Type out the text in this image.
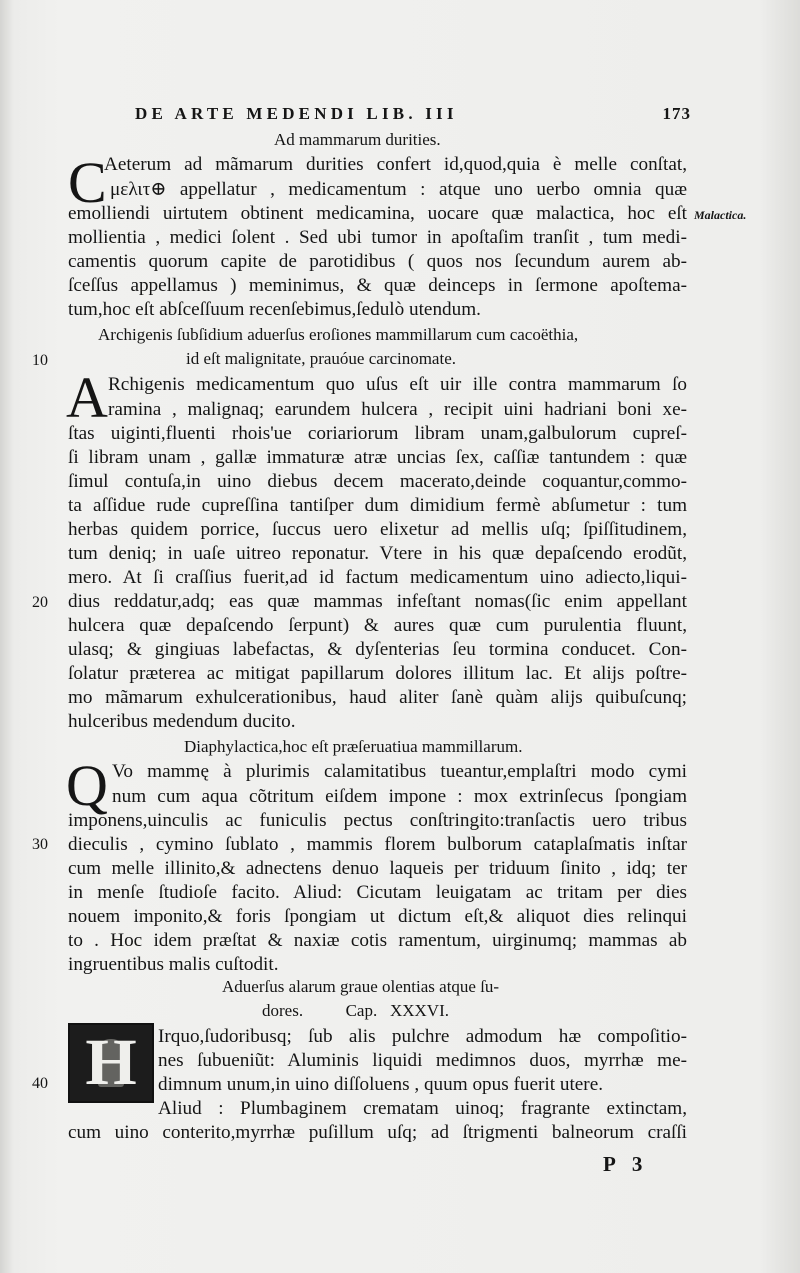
DE ARTE MEDENDI LIB. III	173
Ad mammarum durities.
C
Aeterum ad mãmarum durities confert id,quod,quia è melle conſtat,
μελιτ⊕ appellatur , medicamentum : atque uno uerbo omnia quæ
emolliendi uirtutem obtinent medicamina, uocare quæ malactica, hoc eſt
mollientia , medici ſolent . Sed ubi tumor in apoſtaſim tranſit , tum medi-
camentis quorum capite de parotidibus ( quos nos ſecundum aurem ab-
ſceſſus appellamus ) meminimus, & quæ deinceps in ſermone apoſtema-
tum,hoc eſt abſceſſuum recenſebimus,ſedulò utendum.
Malactica.
Archigenis ſubſidium aduerſus eroſiones mammillarum cum cacoëthia,
id eſt malignitate, prauóue carcinomate.
10
A Rchigenis medicamentum quo uſus eſt uir ille contra mammarum ſo
ramina , malignaq; earundem hulcera , recipit uini hadriani boni xe-
ſtas uiginti,fluenti rhois'ue coriariorum libram unam,galbulorum cupreſ-
ſi libram unam , gallæ immaturæ atræ uncias ſex, caſſiæ tantundem : quæ
ſimul contuſa,in uino diebus decem macerato,deinde coquantur,commo-
ta aſſidue rude cupreſſina tantiſper dum dimidium fermè abſumetur : tum
herbas quidem porrice, ſuccus uero elixetur ad mellis uſq; ſpiſſitudinem,
tum deniq; in uaſe uitreo reponatur. Vtere in his quæ depaſcendo erodũt,
mero. At ſi craſſius fuerit,ad id factum medicamentum uino adiecto,liqui-
20 dius reddatur,adq; eas quæ mammas infeſtant nomas(ſic enim appellant
hulcera quæ depaſcendo ſerpunt) & aures quæ cum purulentia fluunt,
ulasq; & gingiuas labefactas, & dyſenterias ſeu tormina conducet. Con-
ſolatur præterea ac mitigat papillarum dolores illitum lac. Et alijs poſtre-
mo mãmarum exhulcerationibus, haud aliter ſanè quàm alijs quibuſcunq;
hulceribus medendum ducito.
Diaphylactica,hoc eſt præſeruatiua mammillarum.
Q Vo mammę à plurimis calamitatibus tueantur,emplaſtri modo cymi
num cum aqua cõtritum eiſdem impone : mox extrinſecus ſpongiam
imponens,uinculis ac funiculis pectus conſtringito:tranſactis uero tribus
30 dieculis , cymino ſublato , mammis florem bulborum cataplaſmatis inſtar
cum melle illinito,& adnectens denuo laqueis per triduum ſinito , idq; ter
in menſe ſtudioſe facito. Aliud: Cicutam leuigatam ac tritam per dies
nouem imponito,& foris ſpongiam ut dictum eſt,& aliquot dies relinqui
to . Hoc idem præſtat & naxiæ cotis ramentum, uirginumq; mammas ab
ingruentibus malis cuſtodit.
Aduerſus alarum graue olentias atque ſu-
dores.          Cap.   XXXVI.
H	Irquo,ſudoribusq; ſub alis pulchre admodum hæ compoſitio-
nes ſubueniũt: Aluminis liquidi medimnos duos, myrrhæ me-
40	dimnum unum,in uino diſſoluens , quum opus fuerit utere.
Aliud : Plumbaginem crematam uinoq; fragrante extinctam,
cum uino conterito,myrrhæ puſillum uſq; ad ſtrigmenti balneorum craſſi
P 3
